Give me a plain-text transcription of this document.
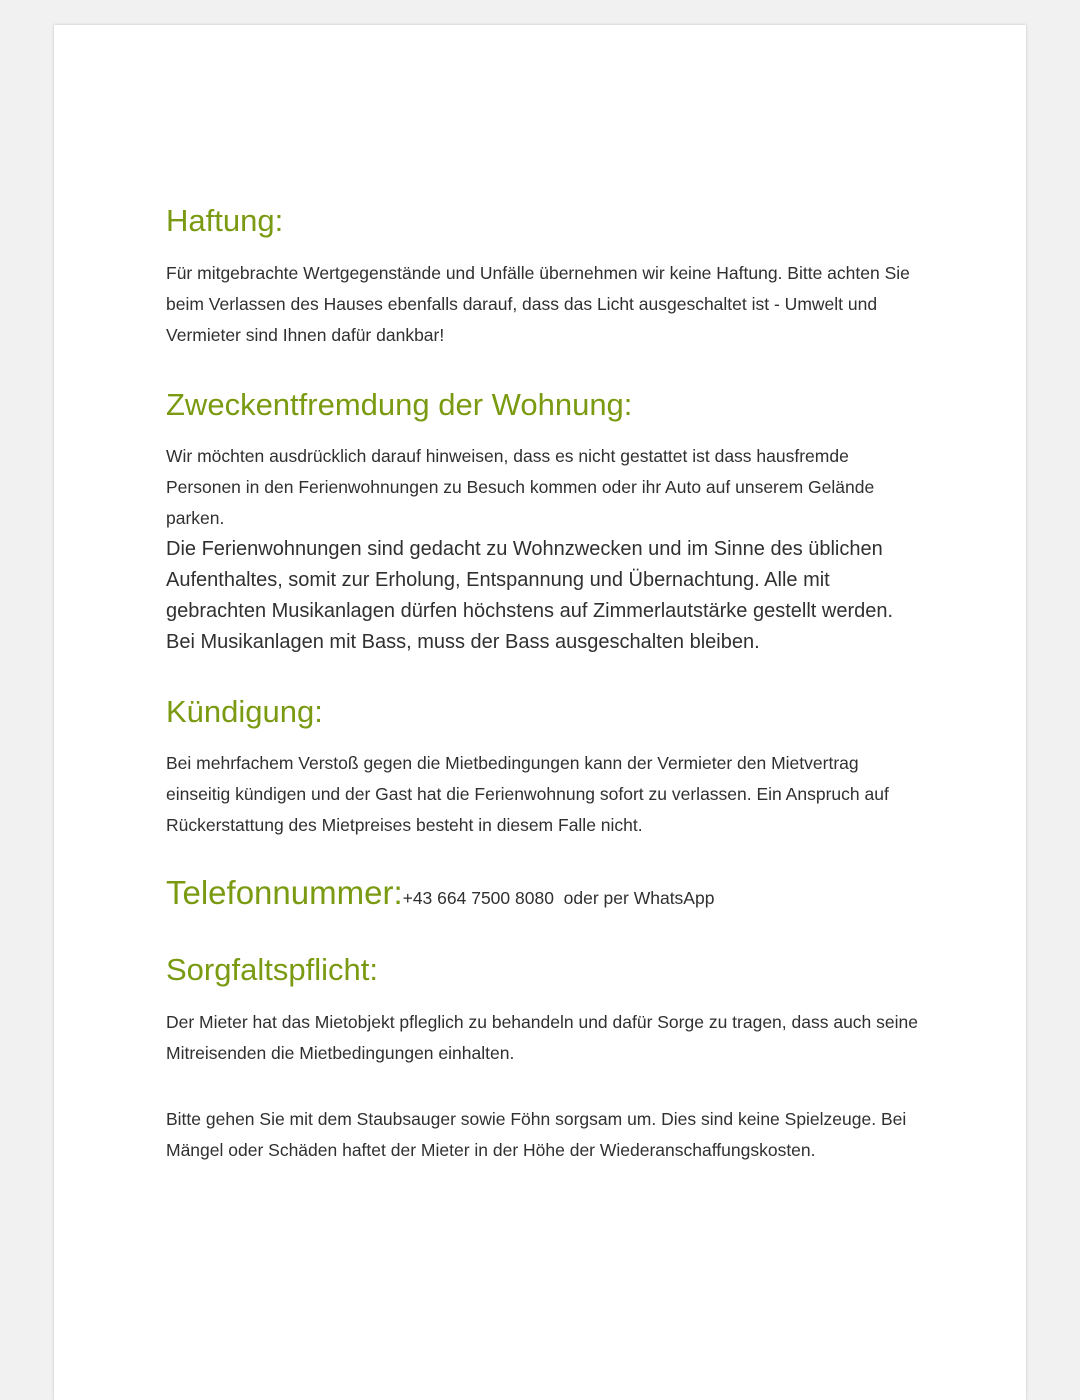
Haftung:

Für mitgebrachte Wertgegenstände und Unfälle übernehmen wir keine Haftung. Bitte achten Sie beim Verlassen des Hauses ebenfalls darauf, dass das Licht ausgeschaltet ist - Umwelt und Vermieter sind Ihnen dafür dankbar!

Zweckentfremdung der Wohnung:

Wir möchten ausdrücklich darauf hinweisen, dass es nicht gestattet ist dass hausfremde Personen in den Ferienwohnungen zu Besuch kommen oder ihr Auto auf unserem Gelände parken.

Die Ferienwohnungen sind gedacht zu Wohnzwecken und im Sinne des üblichen Aufenthaltes, somit zur Erholung, Entspannung und Übernachtung. Alle mit gebrachten Musikanlagen dürfen höchstens auf Zimmerlautstärke gestellt werden. Bei Musikanlagen mit Bass, muss der Bass ausgeschalten bleiben.

Kündigung:

Bei mehrfachem Verstoß gegen die Mietbedingungen kann der Vermieter den Mietvertrag einseitig kündigen und der Gast hat die Ferienwohnung sofort zu verlassen. Ein Anspruch auf Rückerstattung des Mietpreises besteht in diesem Falle nicht.

Telefonnummer: +43 664 7500 8080  oder per WhatsApp

Sorgfaltspflicht:

Der Mieter hat das Mietobjekt pfleglich zu behandeln und dafür Sorge zu tragen, dass auch seine Mitreisenden die Mietbedingungen einhalten.

Bitte gehen Sie mit dem Staubsauger sowie Föhn sorgsam um. Dies sind keine Spielzeuge. Bei Mängel oder Schäden haftet der Mieter in der Höhe der Wiederanschaffungskosten.
